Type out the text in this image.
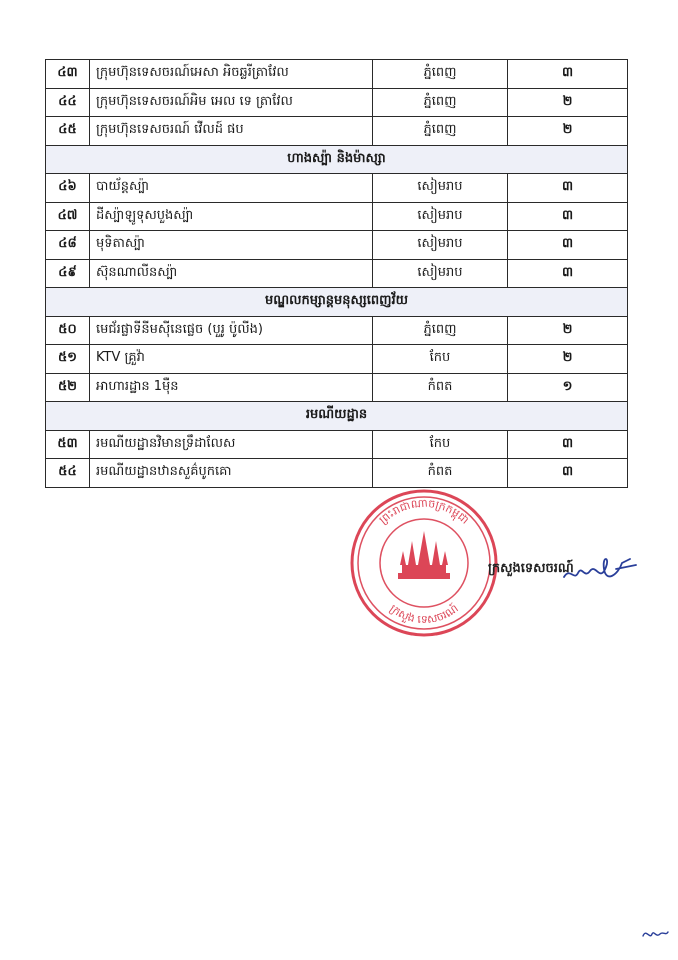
៤៣	ក្រុមហ៊ុនទេសចរណ៍អេសា អិចឆ្លរីត្រាវែល	ភ្នំពេញ	៣
៤៤	ក្រុមហ៊ុនទេសចរណ៍អិម អេល ទេ ត្រាវែល	ភ្នំពេញ	២
៤៥	ក្រុមហ៊ុនទេសចរណ៍ វើលដ៍ ផប	ភ្នំពេញ	២
ហាងស្ប៉ា និងម៉ាស្សា
៤៦	បាយ័ន្តស្ប៉ា	សៀមរាប	៣
៤៧	ដីស្ប៉ាឡូទុសបួងស្ប៉ា	សៀមរាប	៣
៤៨	មុទិតាស្ប៉ា	សៀមរាប	៣
៤៩	ស៊ុនណាលីនស្ប៉ា	សៀមរាប	៣
មណ្ឌលកម្សាន្តមនុស្សពេញវ័យ
៥០	មេជ័រផ្លាទីនីមស៊ីនេផ្លេច (បួរូ ប៉ូលីង)	ភ្នំពេញ	២
៥១	KTV គ្រួវ៉ា	កែប	២
៥២	អាហារដ្ឋាន 1ម៉ឺន	កំពត	១
រមណីយដ្ឋាន
៥៣	រមណីយដ្ឋានវិមានទ្រឹដាលែស	កែប	៣
៥៤	រមណីយដ្ឋានឋានសួគ៌បូកគោ	កំពត	៣
ព្រះរាជាណាចក្រកម្ពុជា
ក្រសួង ទេសចរណ៍
ក្រសួងទេសចរណ៍
